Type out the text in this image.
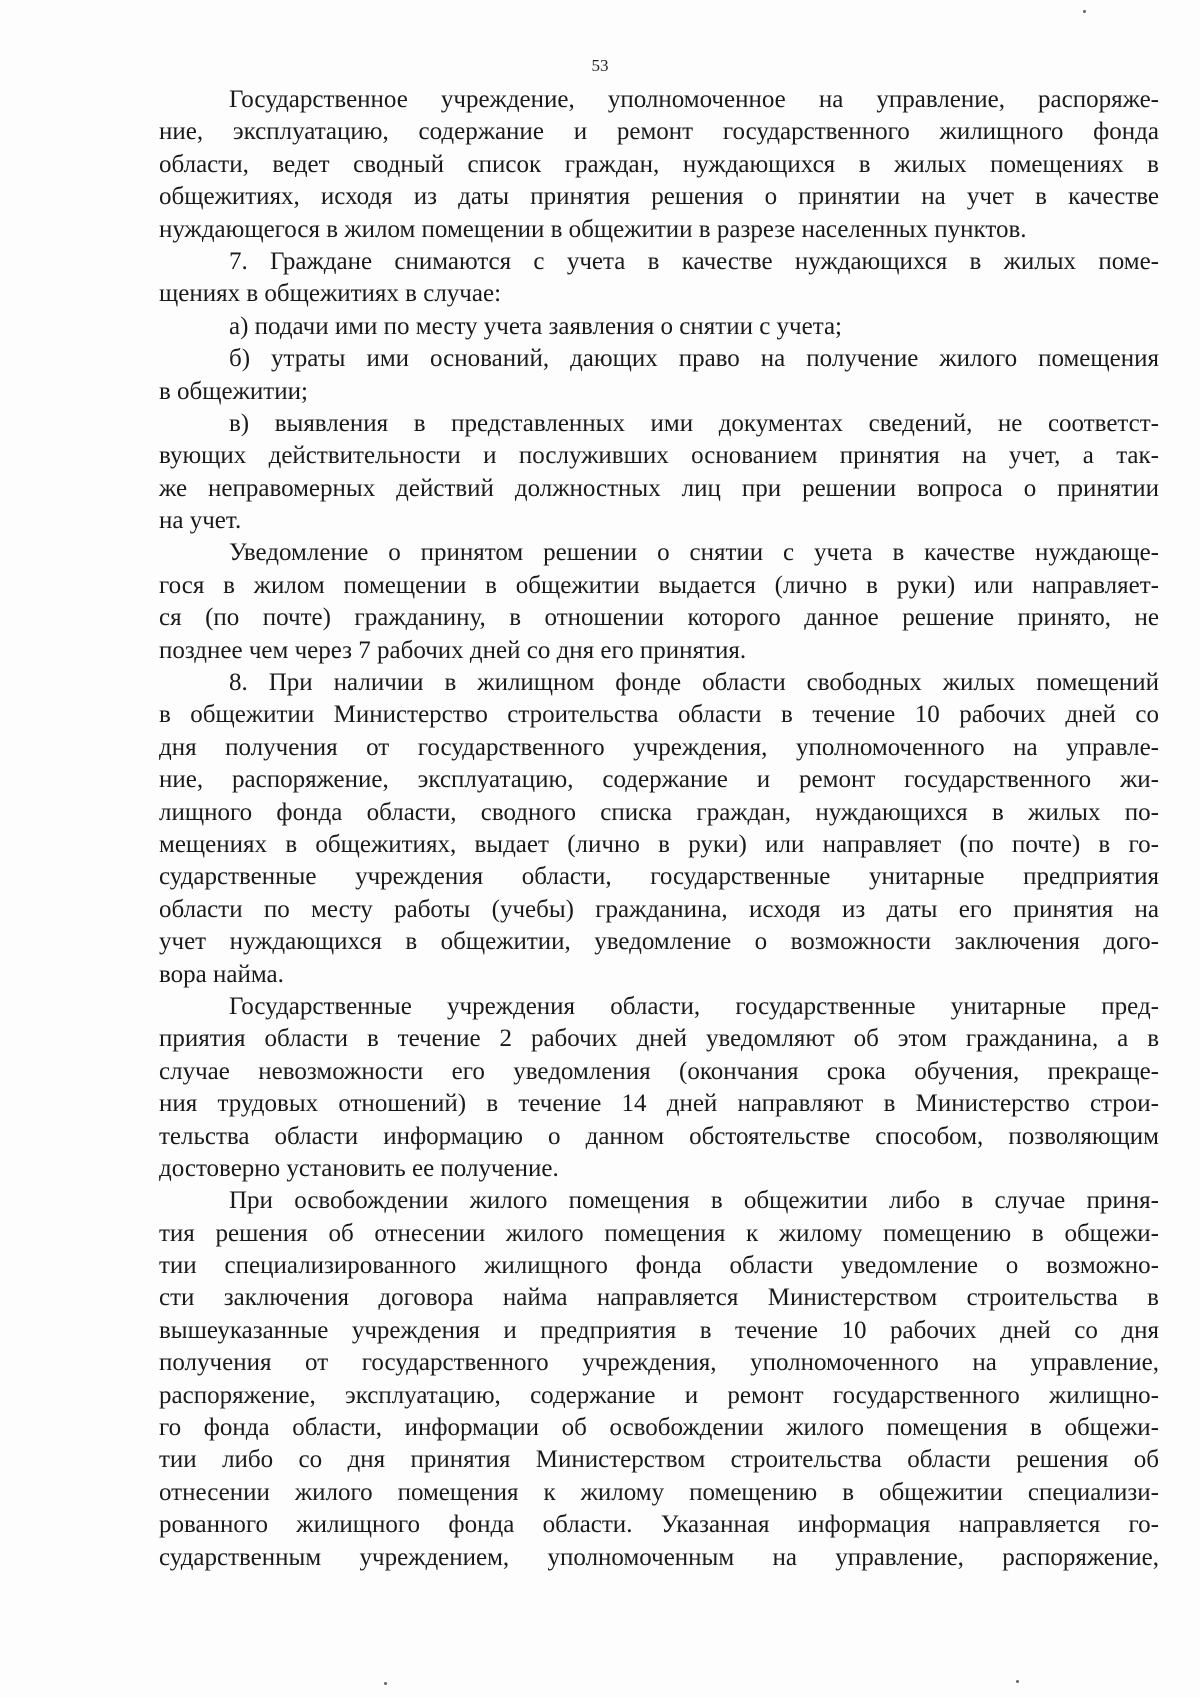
53
Государственное учреждение, уполномоченное на управление, распоряже-
ние, эксплуатацию, содержание и ремонт государственного жилищного фонда
области, ведет сводный список граждан, нуждающихся в жилых помещениях в
общежитиях, исходя из даты принятия решения о принятии на учет в качестве
нуждающегося в жилом помещении в общежитии в разрезе населенных пунктов.
7. Граждане снимаются с учета в качестве нуждающихся в жилых поме-
щениях в общежитиях в случае:
а) подачи ими по месту учета заявления о снятии с учета;
б) утраты ими оснований, дающих право на получение жилого помещения
в общежитии;
в) выявления в представленных ими документах сведений, не соответст-
вующих действительности и послуживших основанием принятия на учет, а так-
же неправомерных действий должностных лиц при решении вопроса о принятии
на учет.
Уведомление о принятом решении о снятии с учета в качестве нуждающе-
гося в жилом помещении в общежитии выдается (лично в руки) или направляет-
ся (по почте) гражданину, в отношении которого данное решение принято, не
позднее чем через 7 рабочих дней со дня его принятия.
8. При наличии в жилищном фонде области свободных жилых помещений
в общежитии Министерство строительства области в течение 10 рабочих дней со
дня получения от государственного учреждения, уполномоченного на управле-
ние, распоряжение, эксплуатацию, содержание и ремонт государственного жи-
лищного фонда области, сводного списка граждан, нуждающихся в жилых по-
мещениях в общежитиях, выдает (лично в руки) или направляет (по почте) в го-
сударственные учреждения области, государственные унитарные предприятия
области по месту работы (учебы) гражданина, исходя из даты его принятия на
учет нуждающихся в общежитии, уведомление о возможности заключения дого-
вора найма.
Государственные учреждения области, государственные унитарные пред-
приятия области в течение 2 рабочих дней уведомляют об этом гражданина, а в
случае невозможности его уведомления (окончания срока обучения, прекраще-
ния трудовых отношений) в течение 14 дней направляют в Министерство строи-
тельства области информацию о данном обстоятельстве способом, позволяющим
достоверно установить ее получение.
При освобождении жилого помещения в общежитии либо в случае приня-
тия решения об отнесении жилого помещения к жилому помещению в общежи-
тии специализированного жилищного фонда области уведомление о возможно-
сти заключения договора найма направляется Министерством строительства в
вышеуказанные учреждения и предприятия в течение 10 рабочих дней со дня
получения от государственного учреждения, уполномоченного на управление,
распоряжение, эксплуатацию, содержание и ремонт государственного жилищно-
го фонда области, информации об освобождении жилого помещения в общежи-
тии либо со дня принятия Министерством строительства области решения об
отнесении жилого помещения к жилому помещению в общежитии специализи-
рованного жилищного фонда области. Указанная информация направляется го-
сударственным учреждением, уполномоченным на управление, распоряжение,
